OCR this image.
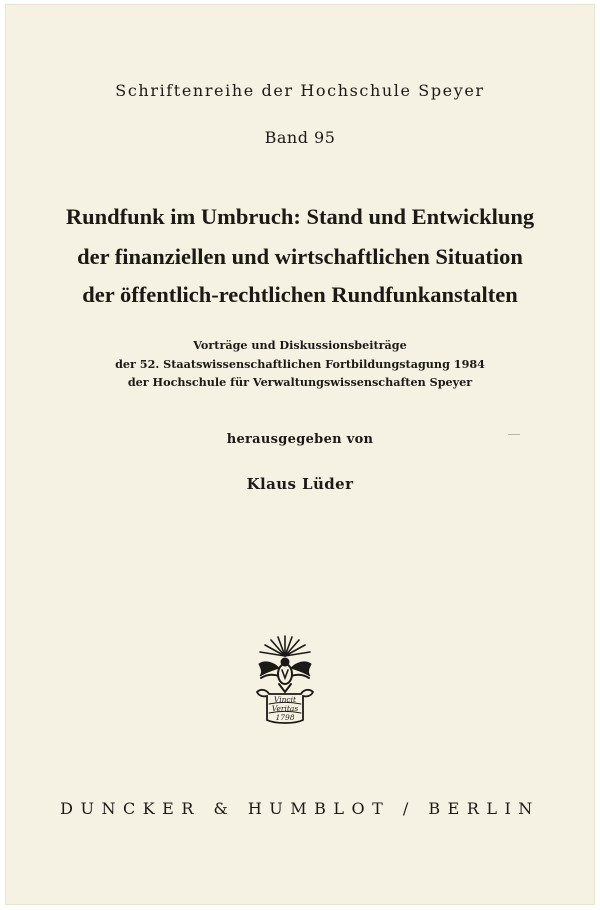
Schriftenreihe der Hochschule Speyer
Band 95
Rundfunk im Umbruch: Stand und Entwicklung
der finanziellen und wirtschaftlichen Situation
der öffentlich-rechtlichen Rundfunkanstalten
Vorträge und Diskussionsbeiträge
der 52. Staatswissenschaftlichen Fortbildungstagung 1984
der Hochschule für Verwaltungswissenschaften Speyer
herausgegeben von
Klaus Lüder
Vincit
Veritas
1798
DUNCKER & HUMBLOT / BERLIN
